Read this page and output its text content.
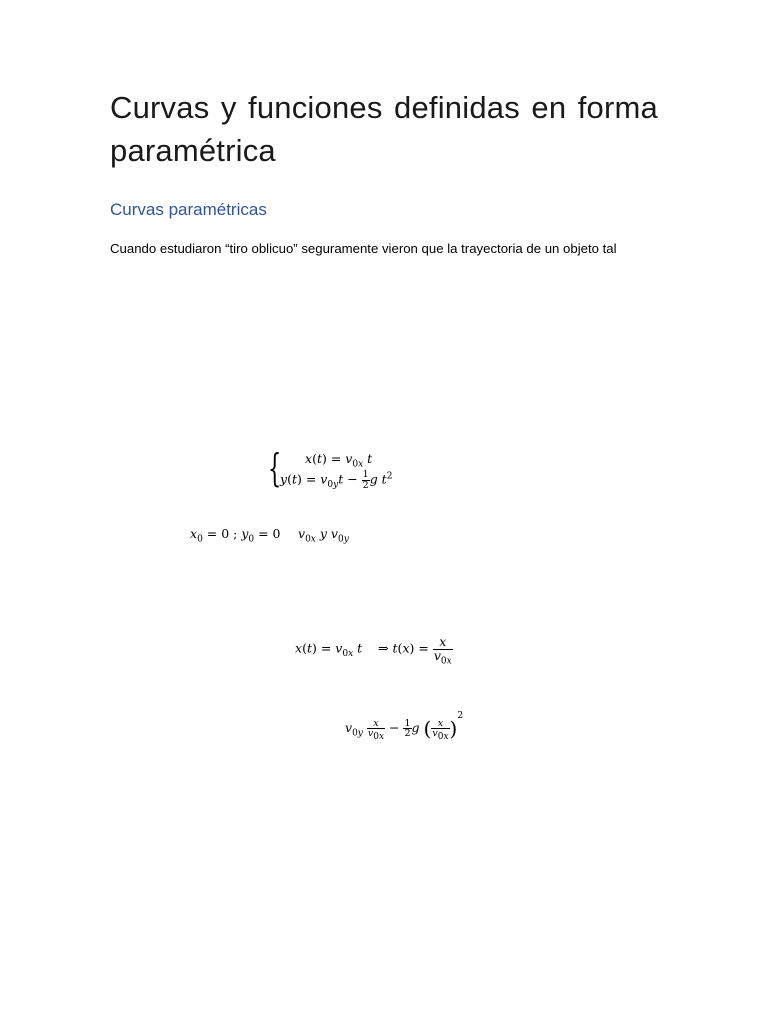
Curvas y funciones definidas en forma paramétrica
Curvas paramétricas
Cuando estudiaron “tiro oblicuo” seguramente vieron que la trayectoria de un objeto tal
{ $x(t) = v_{0x}$ t
$y(t) = v_{0y}t - \frac{1}{2}$ g $t^2$
$x_0 = 0$ ; $y_0 = 0$ $v_{0x}$ y $v_{0y}$
$x(t) = v_{0x}$ t    ⇒ $t(x) = \frac{x}{v_{0x}}$
$v_{0y} \frac{x}{v_{0x}} - \frac{1}{2}$ g ( $\frac{x}{v_{0x}} )^2$
